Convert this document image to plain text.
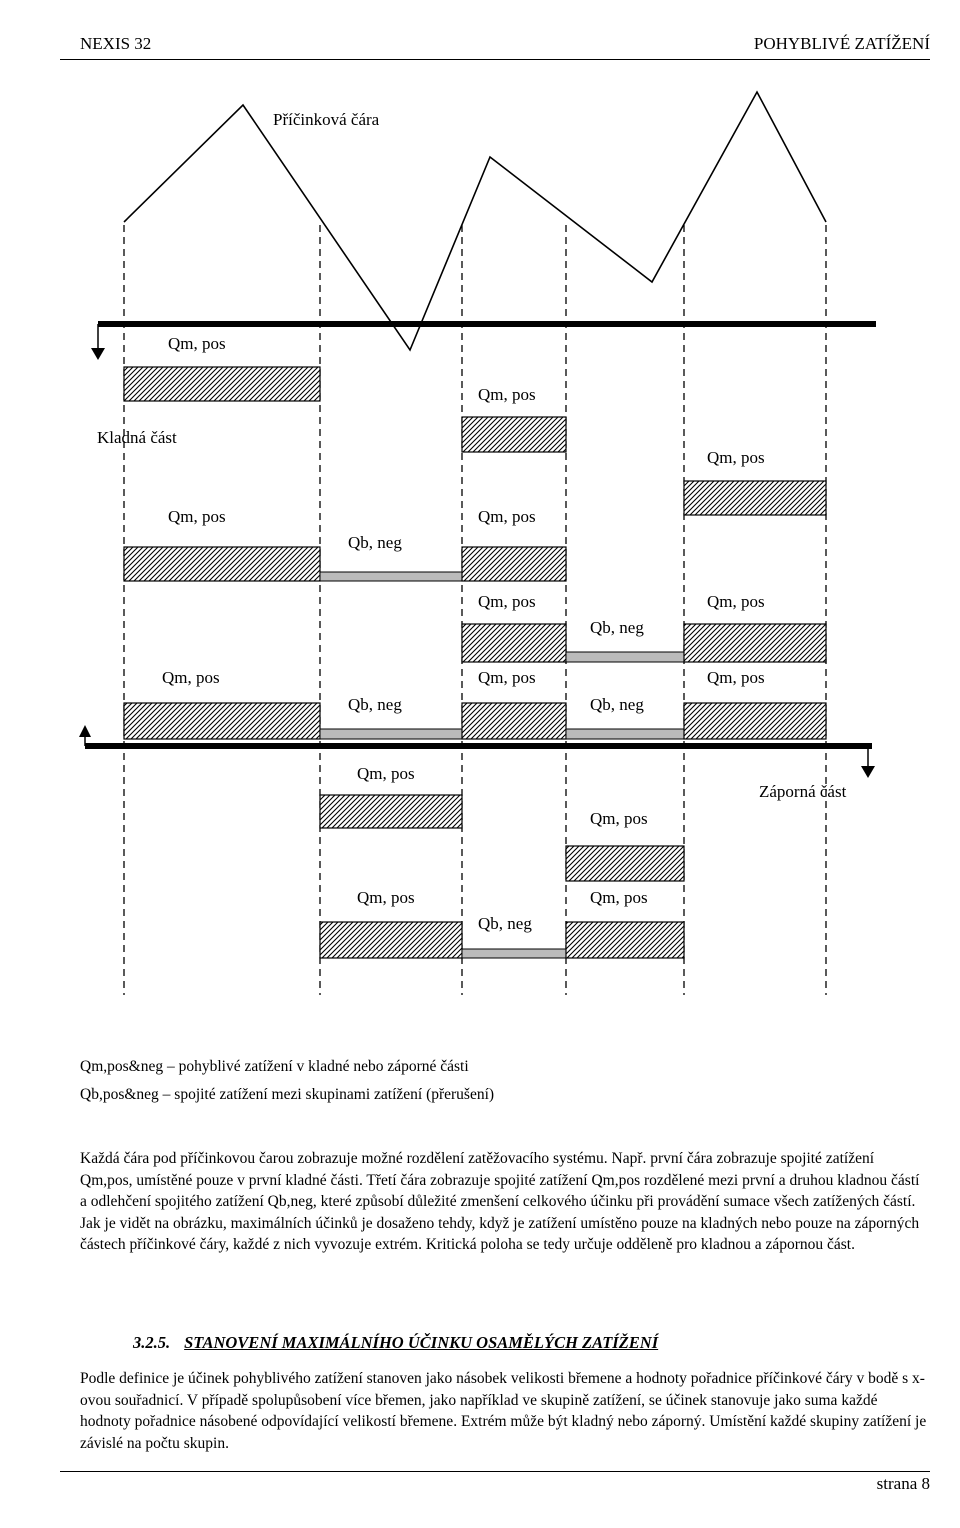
NEXIS 32	POHYBLIVÉ ZATÍŽENÍ
Příčinková čára
Kladná část
Záporná část
Qm, pos
Qm, pos
Qm, pos
Qm, pos	Qm, pos
Qb, neg
Qm, pos	Qm, pos
Qb, neg
Qm, pos	Qm, pos	Qm, pos
Qb, neg	Qb, neg
Qm, pos
Qm, pos
Qm, pos	Qm, pos
Qb, neg
Qm,pos&neg – pohyblivé zatížení v kladné nebo záporné části
Qb,pos&neg – spojité zatížení mezi skupinami zatížení (přerušení)

Každá čára pod příčinkovou čarou zobrazuje možné rozdělení zatěžovacího systému. Např. první čára zobrazuje spojité zatížení Qm,pos, umístěné pouze v první kladné části. Třetí čára zobrazuje spojité zatížení Qm,pos rozdělené mezi první a druhou kladnou částí a odlehčení spojitého zatížení Qb,neg, které způsobí důležité zmenšení celkového účinku při provádění sumace všech zatížených částí. Jak je vidět na obrázku, maximálních účinků je dosaženo tehdy, když je zatížení umístěno pouze na kladných nebo pouze na záporných částech příčinkové čáry, každé z nich vyvozuje extrém. Kritická poloha se tedy určuje odděleně pro kladnou a zápornou část.

3.2.5. STANOVENÍ MAXIMÁLNÍHO ÚČINKU OSAMĚLÝCH ZATÍŽENÍ

Podle definice je účinek pohyblivého zatížení stanoven jako násobek velikosti břemene a hodnoty pořadnice příčinkové čáry v bodě s x-ovou souřadnicí. V případě spolupůsobení více břemen, jako například ve skupině zatížení, se účinek stanovuje jako suma každé hodnoty pořadnice násobené odpovídající velikostí břemene. Extrém může být kladný nebo záporný. Umístění každé skupiny zatížení je závislé na počtu skupin.

strana 8
